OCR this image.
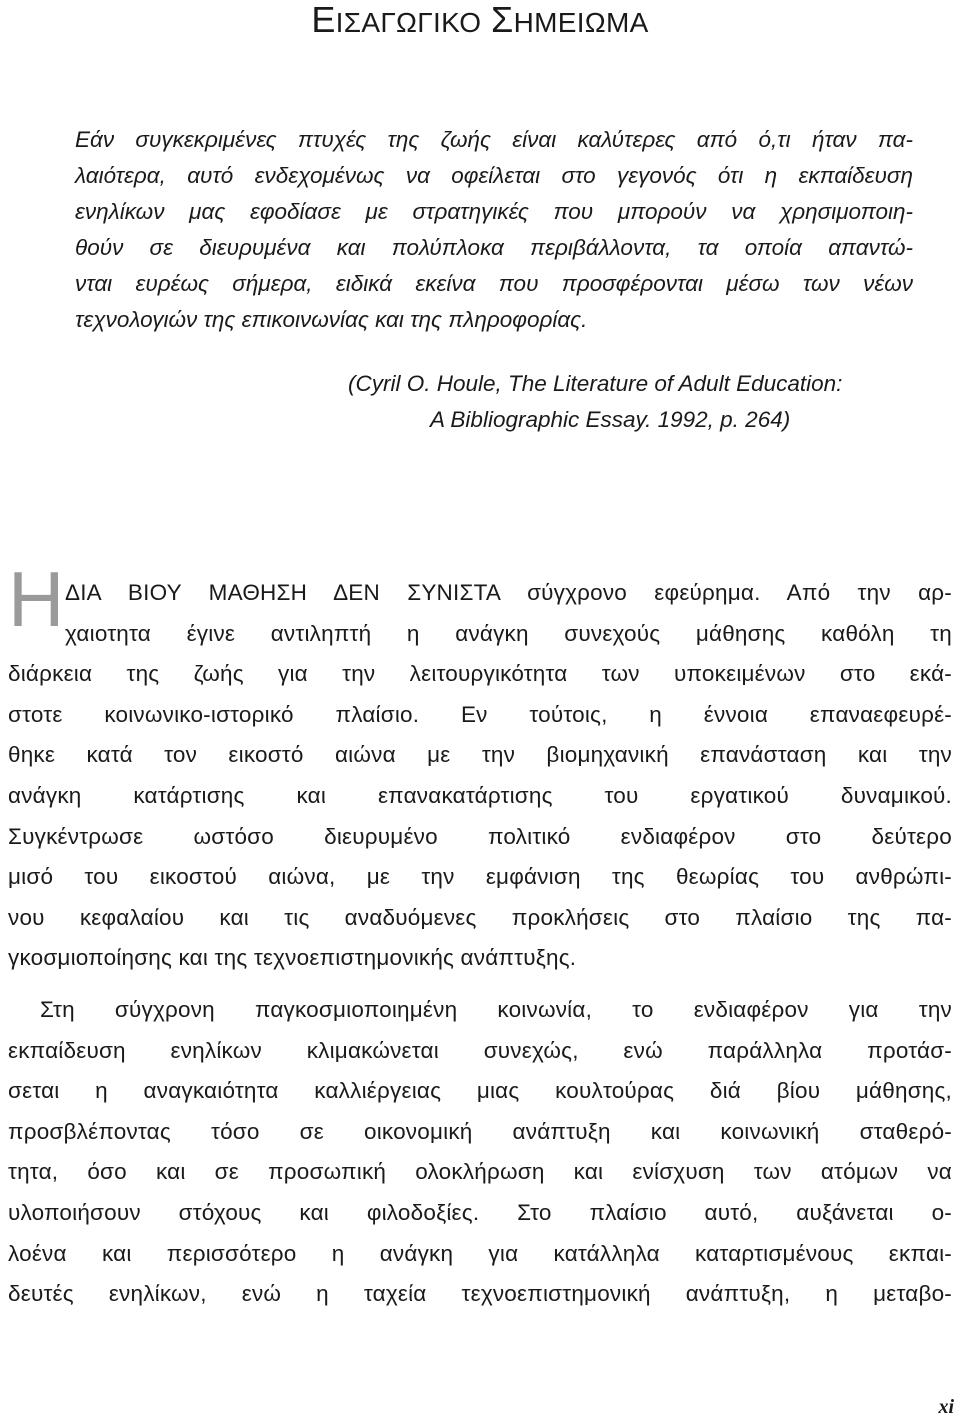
ΕΙΣΑΓΩΓΙΚΟ ΣΗΜΕΙΩΜΑ
Εάν συγκεκριμένες πτυχές της ζωής είναι καλύτερες από ό,τι ήταν πα-
λαιότερα, αυτό ενδεχομένως να οφείλεται στο γεγονός ότι η εκπαίδευση
ενηλίκων μας εφοδίασε με στρατηγικές που μπορούν να χρησιμοποιη-
θούν σε διευρυμένα και πολύπλοκα περιβάλλοντα, τα οποία απαντώ-
νται ευρέως σήμερα, ειδικά εκείνα που προσφέρονται μέσω των νέων
τεχνολογιών της επικοινωνίας και της πληροφορίας.
(Cyril O. Houle, The Literature of Adult Education:
A Bibliographic Essay. 1992, p. 264)
Η ΔΙΑ ΒΙΟΥ ΜΑΘΗΣΗ ΔΕΝ ΣΥΝΙΣΤΑ σύγχρονο εφεύρημα. Από την αρ-
χαιοτητα έγινε αντιληπτή η ανάγκη συνεχούς μάθησης καθόλη τη
διάρκεια της ζωής για την λειτουργικότητα των υποκειμένων στο εκά-
στοτε κοινωνικο-ιστορικό πλαίσιο. Εν τούτοις, η έννοια επαναεφευρέ-
θηκε κατά τον εικοστό αιώνα με την βιομηχανική επανάσταση και την
ανάγκη κατάρτισης και επανακατάρτισης του εργατικού δυναμικού.
Συγκέντρωσε ωστόσο διευρυμένο πολιτικό ενδιαφέρον στο δεύτερο
μισό του εικοστού αιώνα, με την εμφάνιση της θεωρίας του ανθρώπι-
νου κεφαλαίου και τις αναδυόμενες προκλήσεις στο πλαίσιο της πα-
γκοσμιοποίησης και της τεχνοεπιστημονικής ανάπτυξης.
Στη σύγχρονη παγκοσμιοποιημένη κοινωνία, το ενδιαφέρον για την
εκπαίδευση ενηλίκων κλιμακώνεται συνεχώς, ενώ παράλληλα προτάσ-
σεται η αναγκαιότητα καλλιέργειας μιας κουλτούρας διά βίου μάθησης,
προσβλέποντας τόσο σε οικονομική ανάπτυξη και κοινωνική σταθερό-
τητα, όσο και σε προσωπική ολοκλήρωση και ενίσχυση των ατόμων να
υλοποιήσουν στόχους και φιλοδοξίες. Στο πλαίσιο αυτό, αυξάνεται ο-
λοένα και περισσότερο η ανάγκη για κατάλληλα καταρτισμένους εκπαι-
δευτές ενηλίκων, ενώ η ταχεία τεχνοεπιστημονική ανάπτυξη, η μεταβο-
xi
